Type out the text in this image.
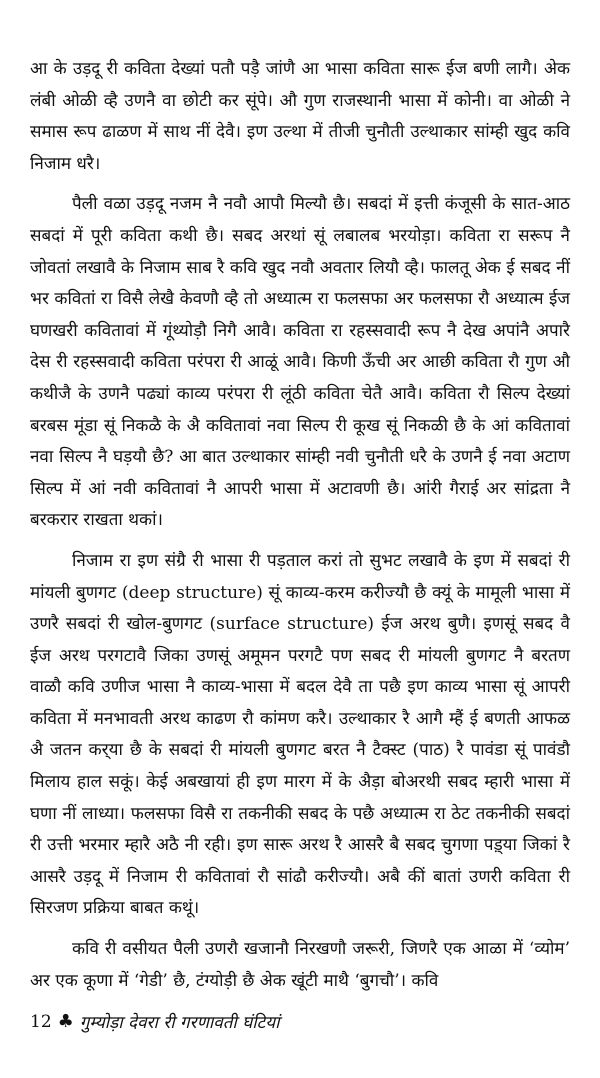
आ के उड़दू री कविता देख्यां पतौ पड़ै जांणै आ भासा कविता सारू ईज बणी लागै। अेक लंबी ओळी व्है उणनै वा छोटी कर सूंपे। औ गुण राजस्थानी भासा में कोनी। वा ओळी ने समास रूप ढाळण में साथ नीं देवै। इण उल्था में तीजी चुनौती उल्थाकार सांम्ही खुद कवि निजाम धरै।

पैली वळा उड़दू नजम नै नवौ आपौ मिल्यौ छै। सबदां में इत्ती कंजूसी के सात-आठ सबदां में पूरी कविता कथी छै। सबद अरथां सूं लबालब भरयोड़ा। कविता रा सरूप नै जोवतां लखावै के निजाम साब रै कवि खुद नवौ अवतार लियौ व्है। फालतू अेक ई सबद नीं भर कवितां रा विसै लेखै केवणौ व्है तो अध्यात्म रा फलसफा अर फलसफा रौ अध्यात्म ईज घणखरी कवितावां में गूंथ्योड़ौ निगै आवै। कविता रा रहस्सवादी रूप नै देख अपांनै अपारै देस री रहस्सवादी कविता परंपरा री आळूं आवै। किणी ऊँची अर आछी कविता रौ गुण औ कथीजै के उणनै पढ्यां काव्य परंपरा री लूंठी कविता चेतै आवै। कविता रौ सिल्प देख्यां बरबस मूंडा सूं निकळै के अै कवितावां नवा सिल्प री कूख सूं निकळी छै के आं कवितावां नवा सिल्प नै घड़यौ छै? आ बात उल्थाकार सांम्ही नवी चुनौती धरै के उणनै ई नवा अटाण सिल्प में आं नवी कवितावां नै आपरी भासा में अटावणी छै। आंरी गैराई अर सांद्रता नै बरकरार राखता थकां।

निजाम रा इण संग्रै री भासा री पड़ताल करां तो सुभट लखावै के इण में सबदां री मांयली बुणगट (deep structure) सूं काव्य-करम करीज्यौ छै क्यूं के मामूली भासा में उणरै सबदां री खोल-बुणगट (surface structure) ईज अरथ बुणै। इणसूं सबद वै ईज अरथ परगटावै जिका उणसूं अमूमन परगटै पण सबद री मांयली बुणगट नै बरतण वाळौ कवि उणीज भासा नै काव्य-भासा में बदल देवै ता पछै इण काव्य भासा सूं आपरी कविता में मनभावती अरथ काढण रौ कांमण करै। उल्थाकार रै आगै म्हैं ई बणती आफळ अै जतन कर्‌या छै के सबदां री मांयली बुणगट बरत नै टैक्स्ट (पाठ) रै पावंडा सूं पावंडौ मिलाय हाल सकूं। केई अबखायां ही इण मारग में के अैड़ा बोअरथी सबद म्हारी भासा में घणा नीं लाध्या। फलसफा विसै रा तकनीकी सबद के पछै अध्यात्म रा ठेट तकनीकी सबदां री उत्ती भरमार म्हारै अठै नी रही। इण सारू अरथ रै आसरै बै सबद चुगणा पड़्या जिकां रै आसरै उड़दू में निजाम री कवितावां रौ सांढौ करीज्यौ। अबै कीं बातां उणरी कविता री सिरजण प्रक्रिया बाबत कथूं।

कवि री वसीयत पैली उणरौ खजानौ निरखणौ जरूरी, जिणरै एक आळा में ‘व्योम’ अर एक कूणा में ‘गेडी’ छै, टंग्योड़ी छै अेक खूंटी माथै ‘बुगचौ’। कवि

12 ♣ गुम्योड़ा देवरा री गरणावती घंटियां
